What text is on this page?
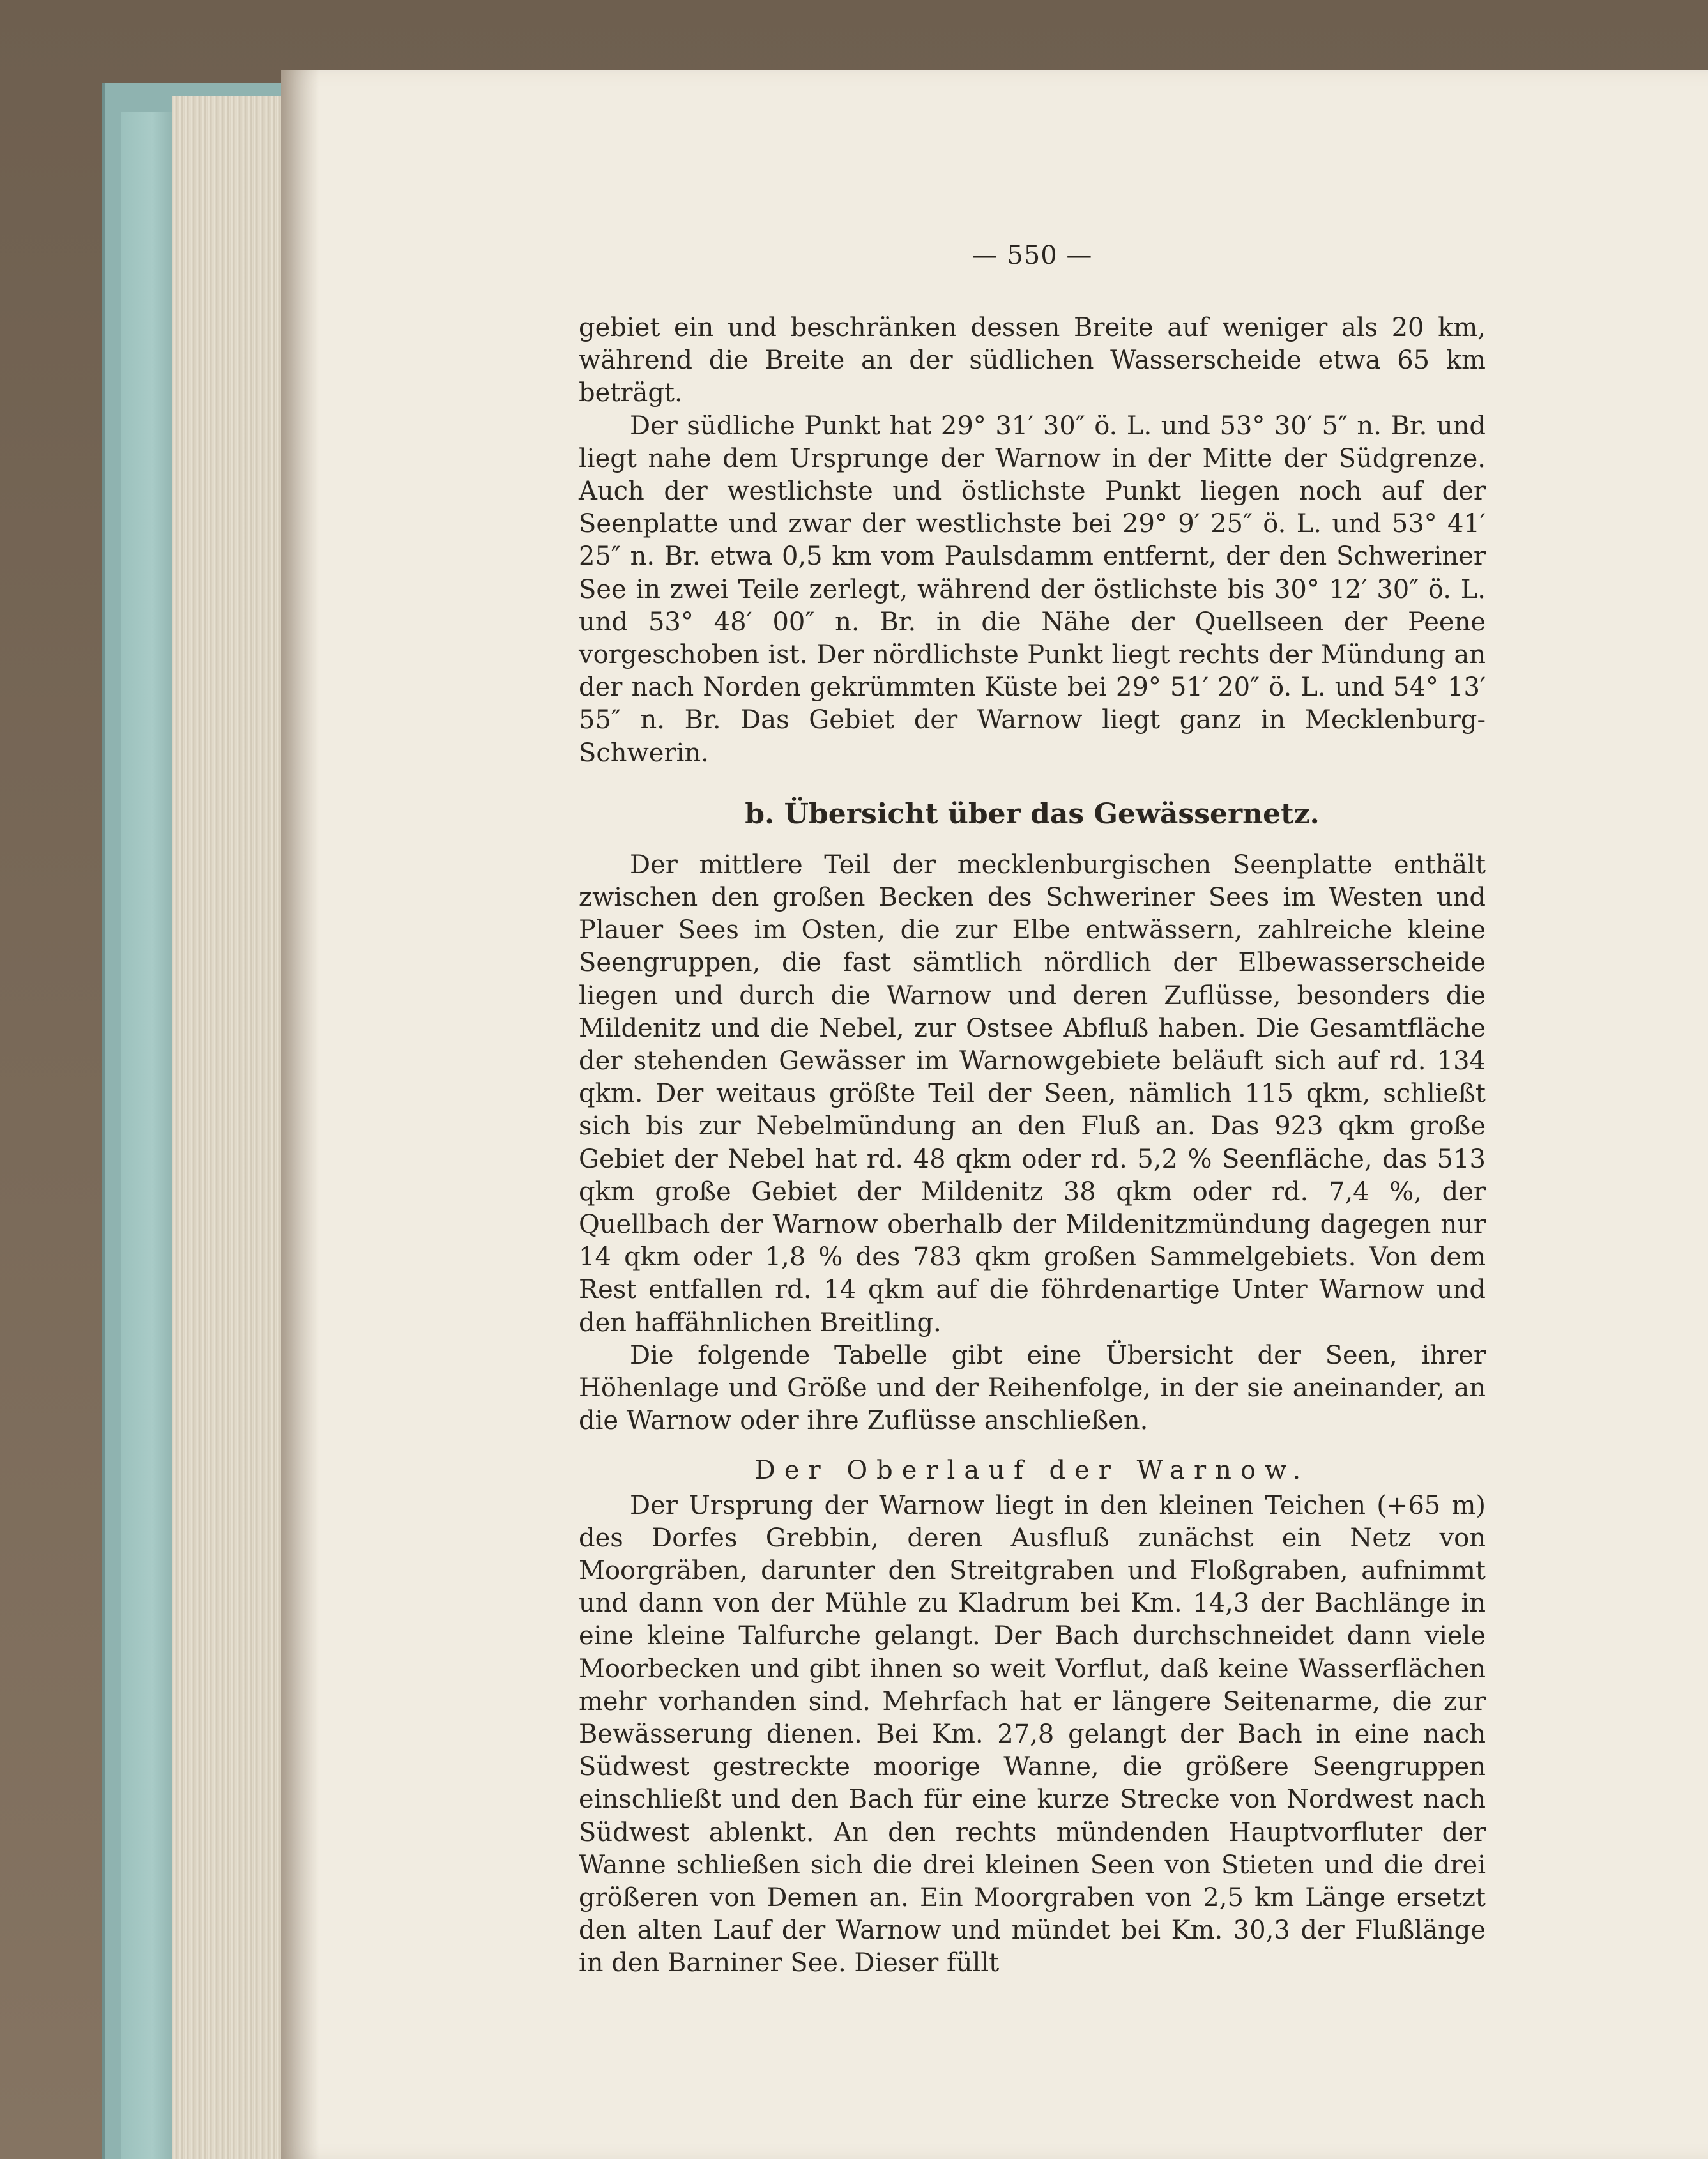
— 550 —

gebiet ein und beschränken dessen Breite auf weniger als 20 km, während die Breite an der südlichen Wasserscheide etwa 65 km beträgt.

Der südliche Punkt hat 29° 31′ 30″ ö. L. und 53° 30′ 5″ n. Br. und liegt nahe dem Ursprunge der Warnow in der Mitte der Südgrenze. Auch der westlichste und östlichste Punkt liegen noch auf der Seenplatte und zwar der westlichste bei 29° 9′ 25″ ö. L. und 53° 41′ 25″ n. Br. etwa 0,5 km vom Paulsdamm entfernt, der den Schweriner See in zwei Teile zerlegt, während der östlichste bis 30° 12′ 30″ ö. L. und 53° 48′ 00″ n. Br. in die Nähe der Quellseen der Peene vorgeschoben ist. Der nördlichste Punkt liegt rechts der Mündung an der nach Norden gekrümmten Küste bei 29° 51′ 20″ ö. L. und 54° 13′ 55″ n. Br. Das Gebiet der Warnow liegt ganz in Mecklenburg-Schwerin.

b. Übersicht über das Gewässernetz.

Der mittlere Teil der mecklenburgischen Seenplatte enthält zwischen den großen Becken des Schweriner Sees im Westen und Plauer Sees im Osten, die zur Elbe entwässern, zahlreiche kleine Seengruppen, die fast sämtlich nördlich der Elbewasserscheide liegen und durch die Warnow und deren Zuflüsse, besonders die Mildenitz und die Nebel, zur Ostsee Abfluß haben. Die Gesamtfläche der stehenden Gewässer im Warnowgebiete beläuft sich auf rd. 134 qkm. Der weitaus größte Teil der Seen, nämlich 115 qkm, schließt sich bis zur Nebelmündung an den Fluß an. Das 923 qkm große Gebiet der Nebel hat rd. 48 qkm oder rd. 5,2 % Seenfläche, das 513 qkm große Gebiet der Mildenitz 38 qkm oder rd. 7,4 %, der Quellbach der Warnow oberhalb der Mildenitzmündung dagegen nur 14 qkm oder 1,8 % des 783 qkm großen Sammelgebiets. Von dem Rest entfallen rd. 14 qkm auf die föhrdenartige Unter Warnow und den haffähnlichen Breitling.

Die folgende Tabelle gibt eine Übersicht der Seen, ihrer Höhenlage und Größe und der Reihenfolge, in der sie aneinander, an die Warnow oder ihre Zuflüsse anschließen.

Der Oberlauf der Warnow.

Der Ursprung der Warnow liegt in den kleinen Teichen (+65 m) des Dorfes Grebbin, deren Ausfluß zunächst ein Netz von Moorgräben, darunter den Streitgraben und Floßgraben, aufnimmt und dann von der Mühle zu Kladrum bei Km. 14,3 der Bachlänge in eine kleine Talfurche gelangt. Der Bach durchschneidet dann viele Moorbecken und gibt ihnen so weit Vorflut, daß keine Wasserflächen mehr vorhanden sind. Mehrfach hat er längere Seitenarme, die zur Bewässerung dienen. Bei Km. 27,8 gelangt der Bach in eine nach Südwest gestreckte moorige Wanne, die größere Seengruppen einschließt und den Bach für eine kurze Strecke von Nordwest nach Südwest ablenkt. An den rechts mündenden Hauptvorfluter der Wanne schließen sich die drei kleinen Seen von Stieten und die drei größeren von Demen an. Ein Moorgraben von 2,5 km Länge ersetzt den alten Lauf der Warnow und mündet bei Km. 30,3 der Flußlänge in den Barniner See. Dieser füllt
